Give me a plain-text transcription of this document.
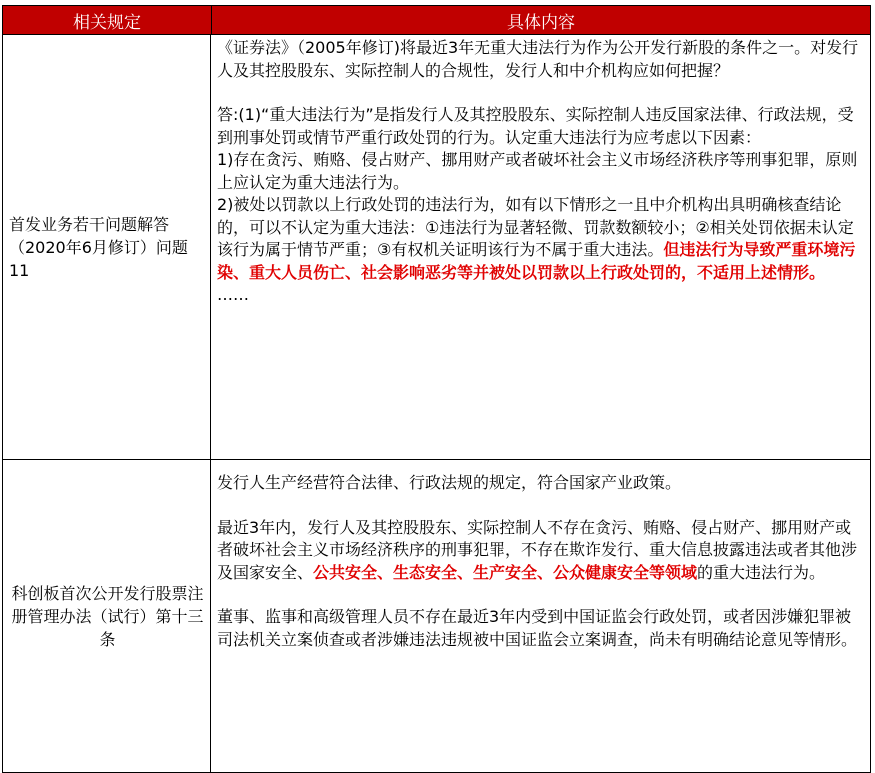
相关规定	具体内容
首发业务若干问题解答（2020年6月修订）问题11

《证券法》（2005年修订)将最近3年无重大违法行为作为公开发行新股的条件之一。对发行人及其控股股东、实际控制人的合规性，发行人和中介机构应如何把握？

答:(1)“重大违法行为”是指发行人及其控股股东、实际控制人违反国家法律、行政法规，受到刑事处罚或情节严重行政处罚的行为。认定重大违法行为应考虑以下因素：

1)存在贪污、贿赂、侵占财产、挪用财产或者破坏社会主义市场经济秩序等刑事犯罪，原则上应认定为重大违法行为。

2)被处以罚款以上行政处罚的违法行为，如有以下情形之一且中介机构出具明确核查结论的，可以不认定为重大违法：①违法行为显著轻微、罚款数额较小；②相关处罚依据未认定该行为属于情节严重；③有权机关证明该行为不属于重大违法。但违法行为导致严重环境污染、重大人员伤亡、社会影响恶劣等并被处以罚款以上行政处罚的，不适用上述情形。

……

科创板首次公开发行股票注册管理办法（试行）第十三条

发行人生产经营符合法律、行政法规的规定，符合国家产业政策。

最近3年内，发行人及其控股股东、实际控制人不存在贪污、贿赂、侵占财产、挪用财产或者破坏社会主义市场经济秩序的刑事犯罪，不存在欺诈发行、重大信息披露违法或者其他涉及国家安全、公共安全、生态安全、生产安全、公众健康安全等领域的重大违法行为。

董事、监事和高级管理人员不存在最近3年内受到中国证监会行政处罚，或者因涉嫌犯罪被司法机关立案侦查或者涉嫌违法违规被中国证监会立案调查，尚未有明确结论意见等情形。
